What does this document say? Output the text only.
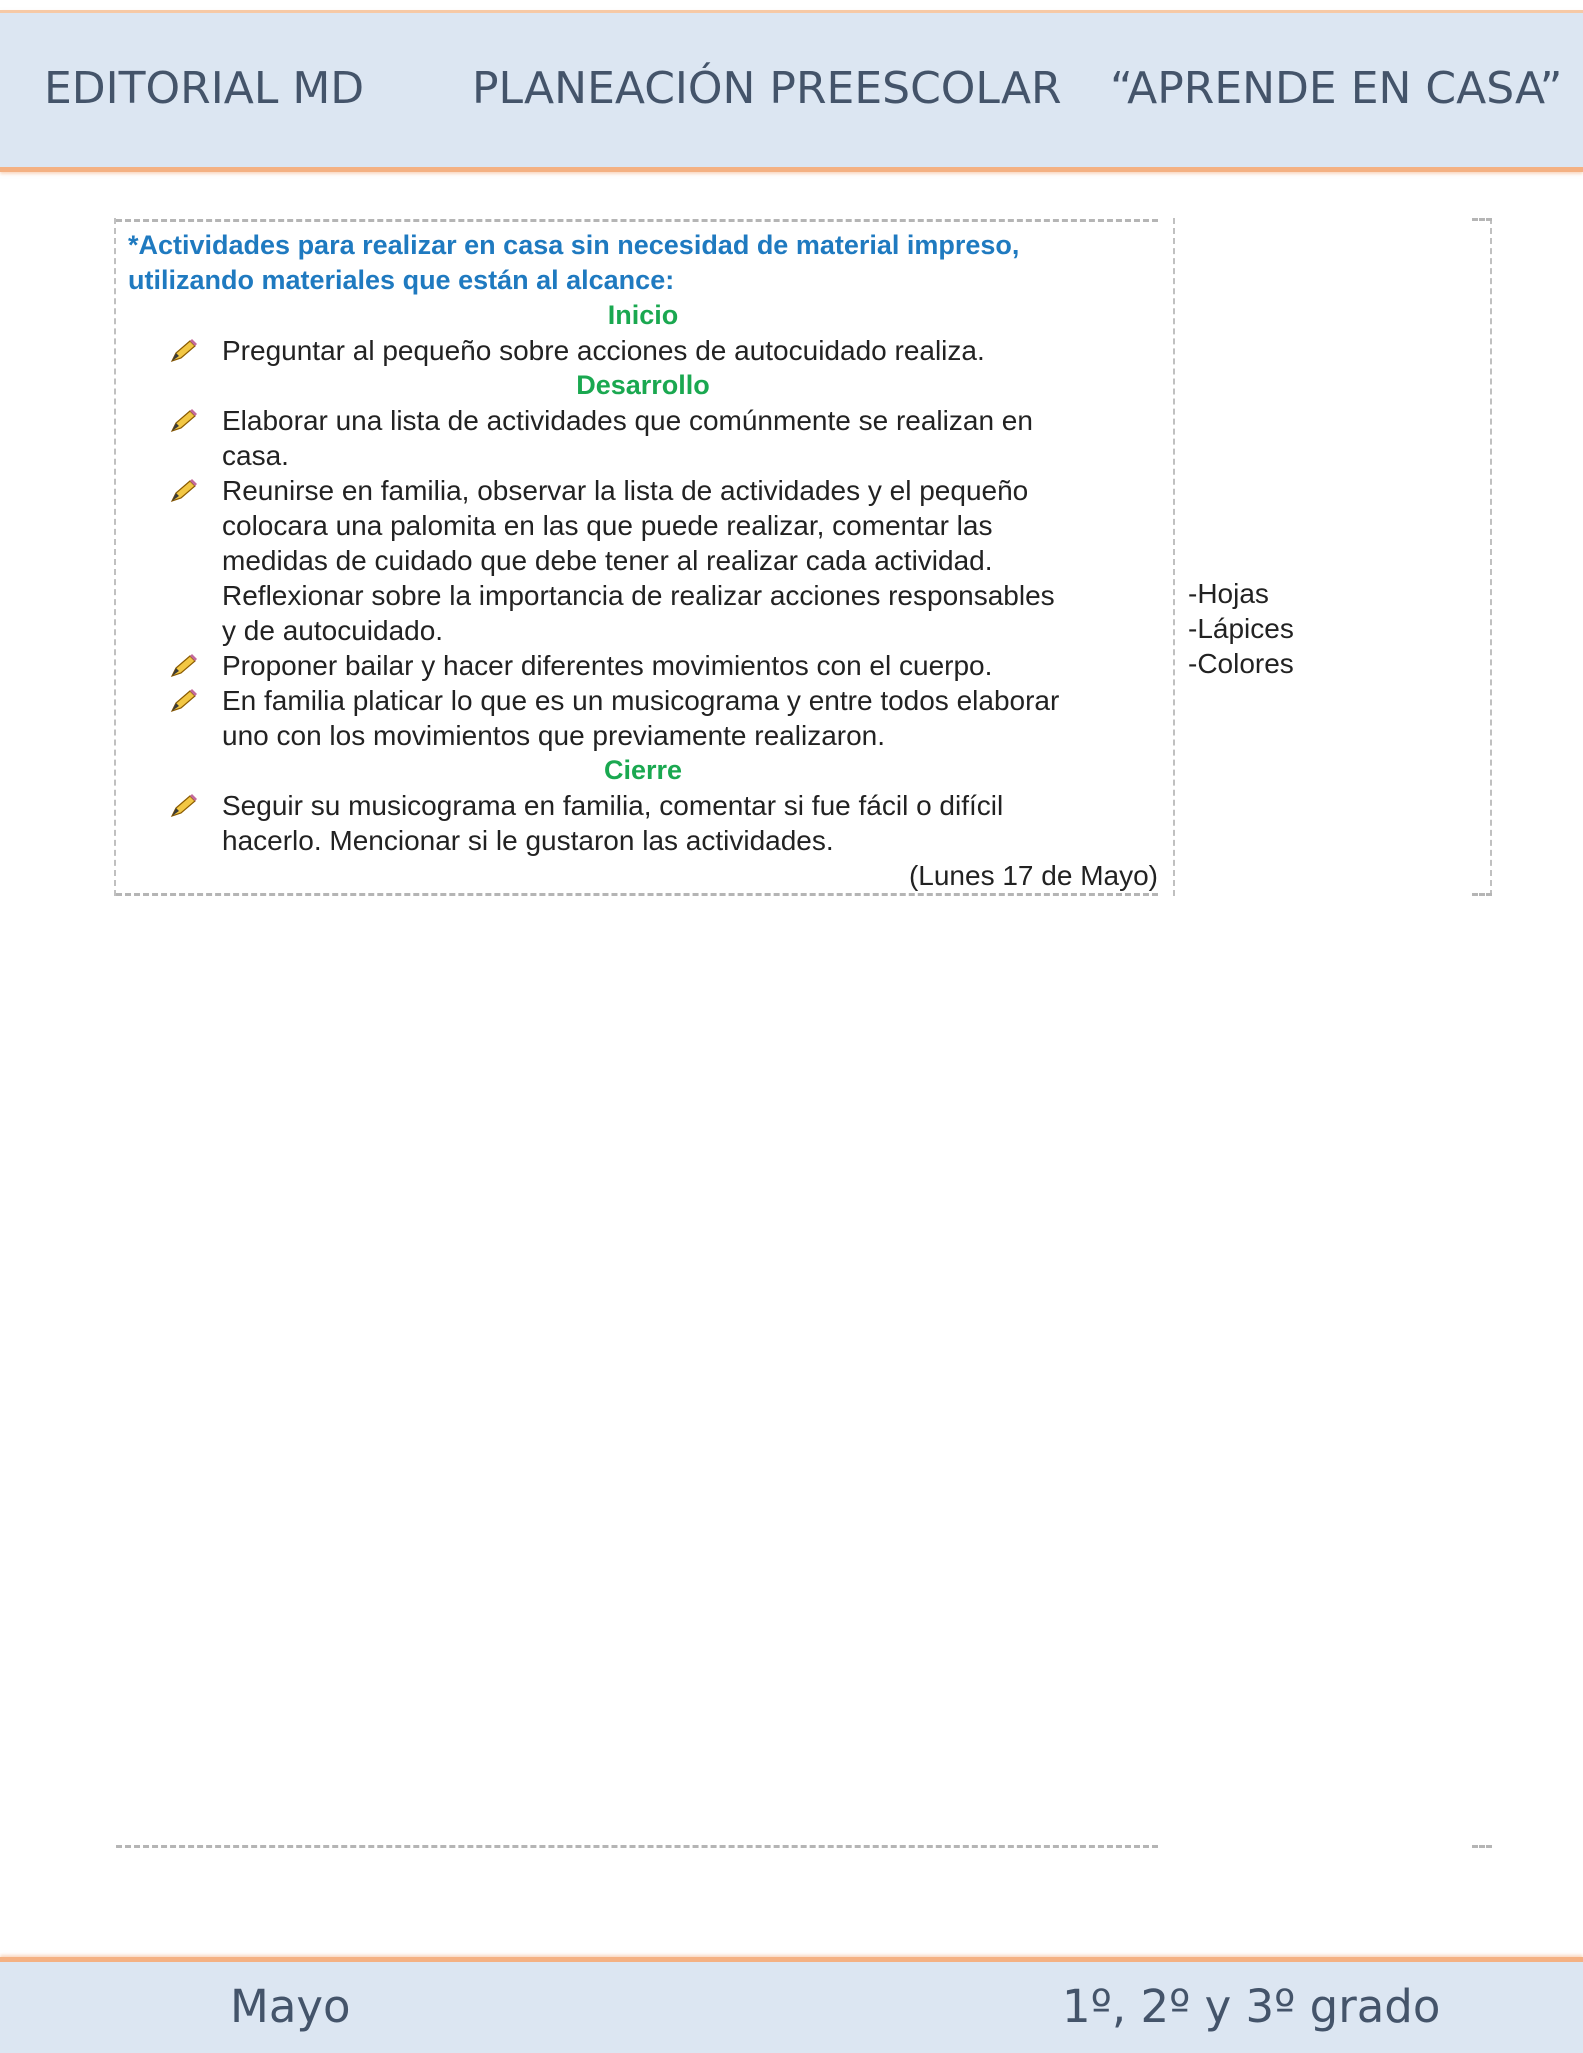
EDITORIAL MD PLANEACIÓN PREESCOLAR “APRENDE EN CASA”

*Actividades para realizar en casa sin necesidad de material impreso,

utilizando materiales que están al alcance:

Inicio

Preguntar al pequeño sobre acciones de autocuidado realiza.

Desarrollo

Elaborar una lista de actividades que comúnmente se realizan en

casa.

Reunirse en familia, observar la lista de actividades y el pequeño

colocara una palomita en las que puede realizar, comentar las

medidas de cuidado que debe tener al realizar cada actividad.

Reflexionar sobre la importancia de realizar acciones responsables

y de autocuidado.

Proponer bailar y hacer diferentes movimientos con el cuerpo.

En familia platicar lo que es un musicograma y entre todos elaborar

uno con los movimientos que previamente realizaron.

Cierre

Seguir su musicograma en familia, comentar si fue fácil o difícil

hacerlo. Mencionar si le gustaron las actividades.

(Lunes 17 de Mayo)

-Hojas
-Lápices
-Colores
Mayo	1º, 2º y 3º grado
